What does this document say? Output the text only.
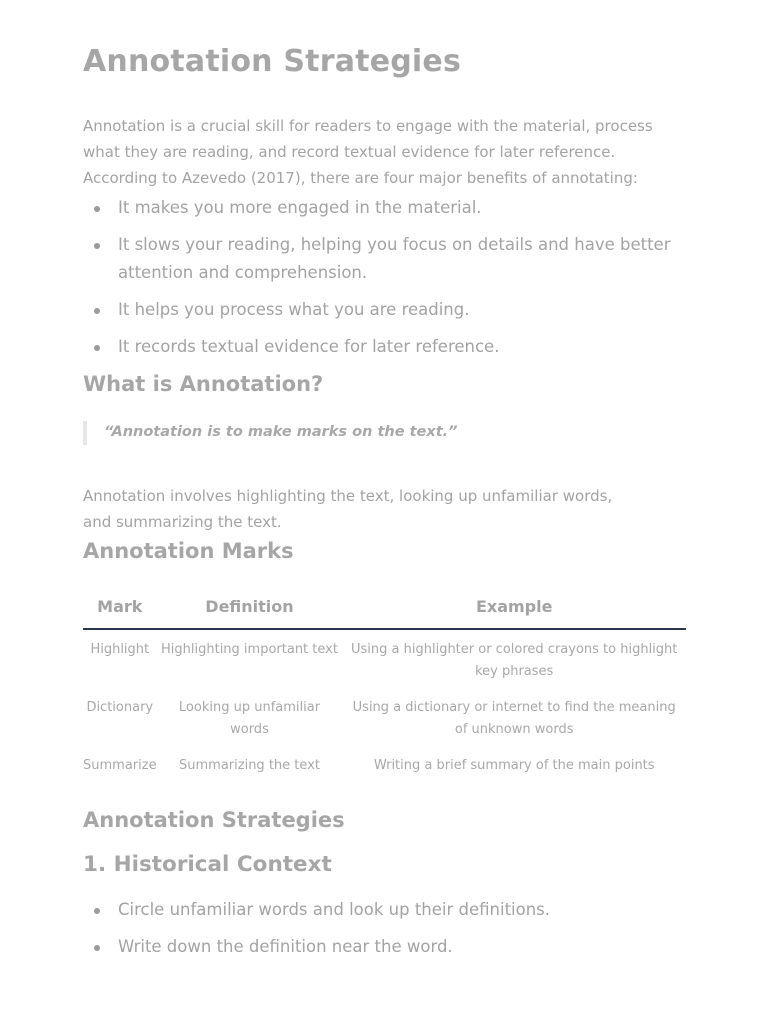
Annotation Strategies

Annotation is a crucial skill for readers to engage with the material, process what they are reading, and record textual evidence for later reference. According to Azevedo (2017), there are four major benefits of annotating:

It makes you more engaged in the material.
It slows your reading, helping you focus on details and have better attention and comprehension.
It helps you process what you are reading.
It records textual evidence for later reference.
What is Annotation?
“Annotation is to make marks on the text.”

Annotation involves highlighting the text, looking up unfamiliar words, and summarizing the text.

Annotation Marks
Mark	Definition	Example
Highlight	Highlighting important text	Using a highlighter or colored crayons to highlight key phrases
Dictionary	Looking up unfamiliar words	Using a dictionary or internet to find the meaning of unknown words
Summarize	Summarizing the text	Writing a brief summary of the main points
Annotation Strategies
1. Historical Context
Circle unfamiliar words and look up their definitions.
Write down the definition near the word.
